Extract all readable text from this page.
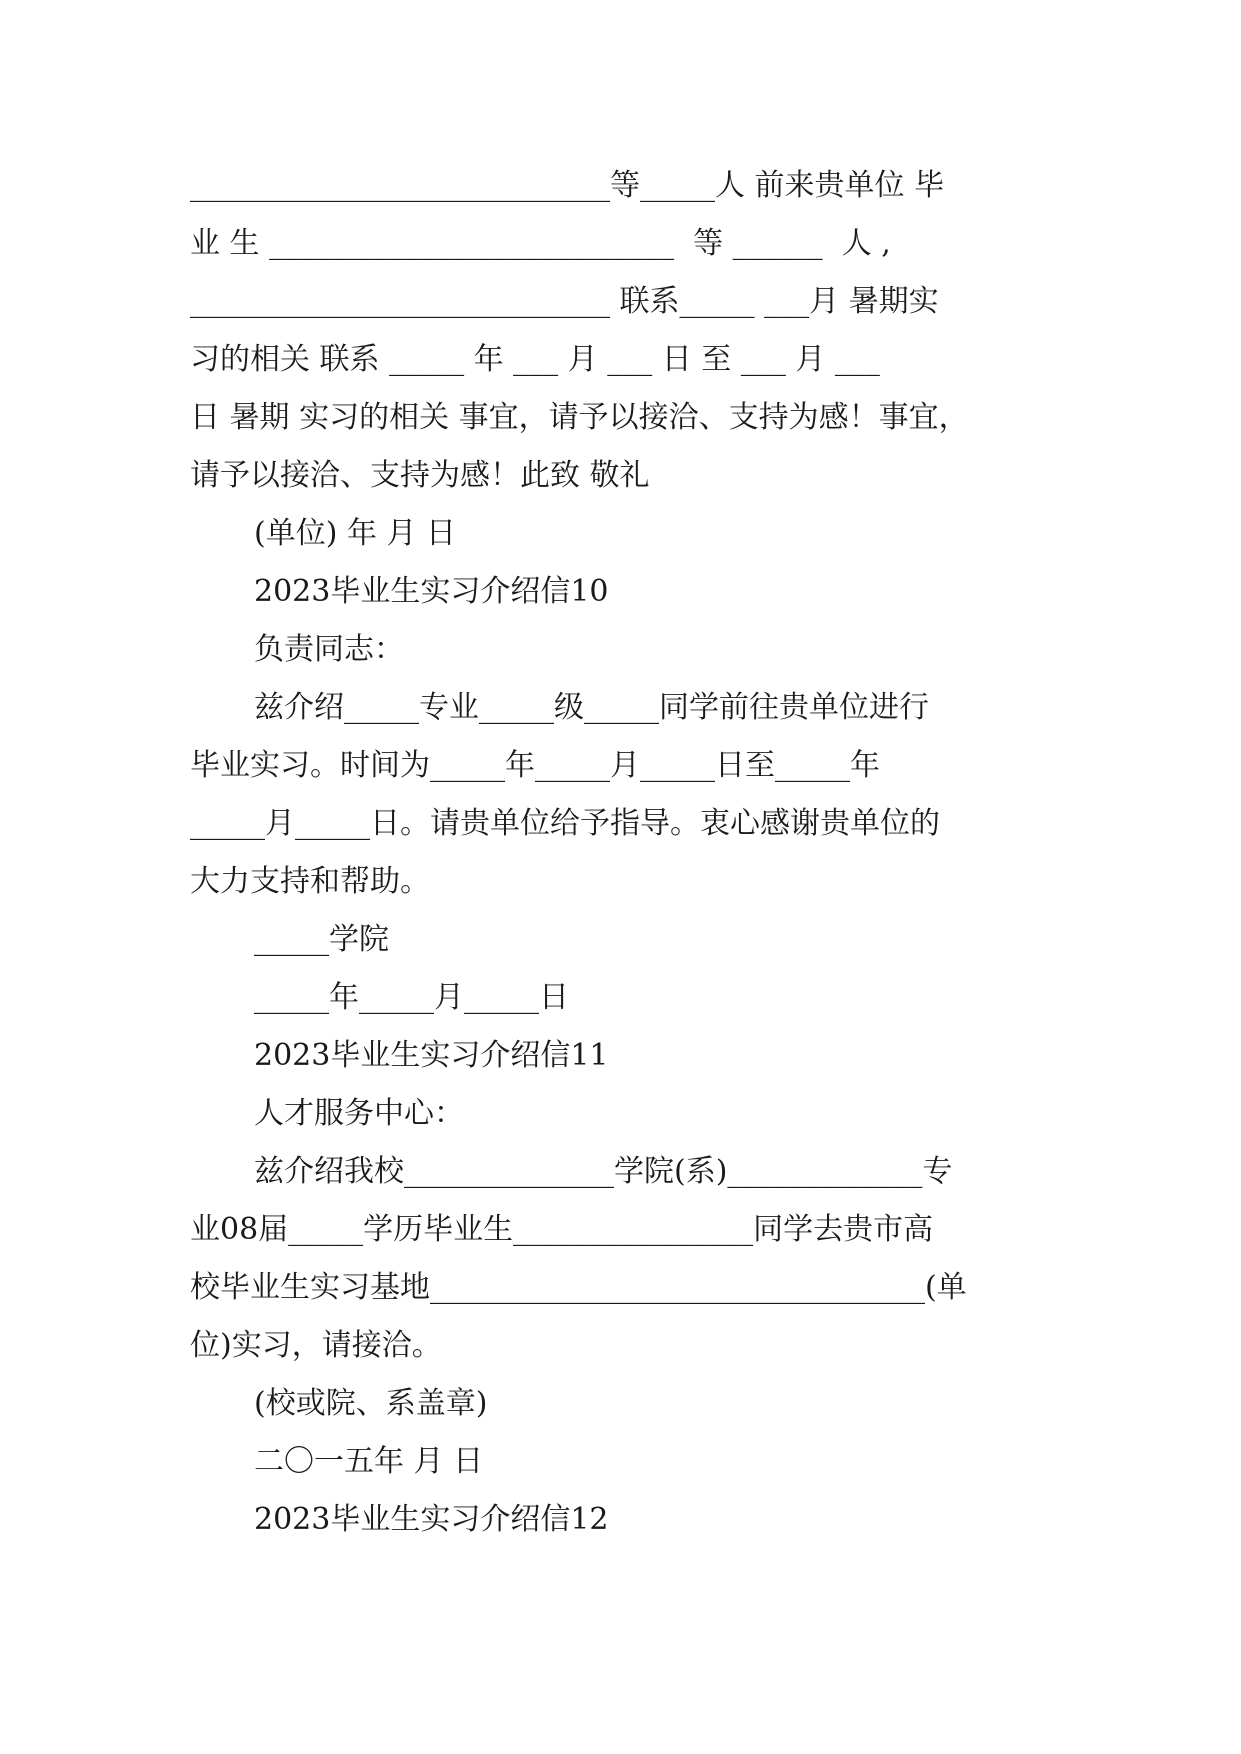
____________________________等_____人 前来贵单位 毕
业 生 ___________________________  等 ______  人 ,
____________________________ 联系_____ ___月 暑期实
习的相关 联系 _____ 年 ___ 月 ___ 日 至 ___ 月 ___
日 暑期 实习的相关 事宜，请予以接洽、支持为感！事宜，
请予以接洽、支持为感！此致 敬礼
(单位) 年 月 日
2023毕业生实习介绍信10
负责同志：
兹介绍_____专业_____级_____同学前往贵单位进行
毕业实习。时间为_____年_____月_____日至_____年
_____月_____日。请贵单位给予指导。衷心感谢贵单位的
大力支持和帮助。
_____学院
_____年_____月_____日
2023毕业生实习介绍信11
人才服务中心：
兹介绍我校______________学院(系)_____________专
业08届_____学历毕业生________________同学去贵市高
校毕业生实习基地_________________________________(单
位)实习，请接洽。
(校或院、系盖章)
二〇一五年 月 日
2023毕业生实习介绍信12
